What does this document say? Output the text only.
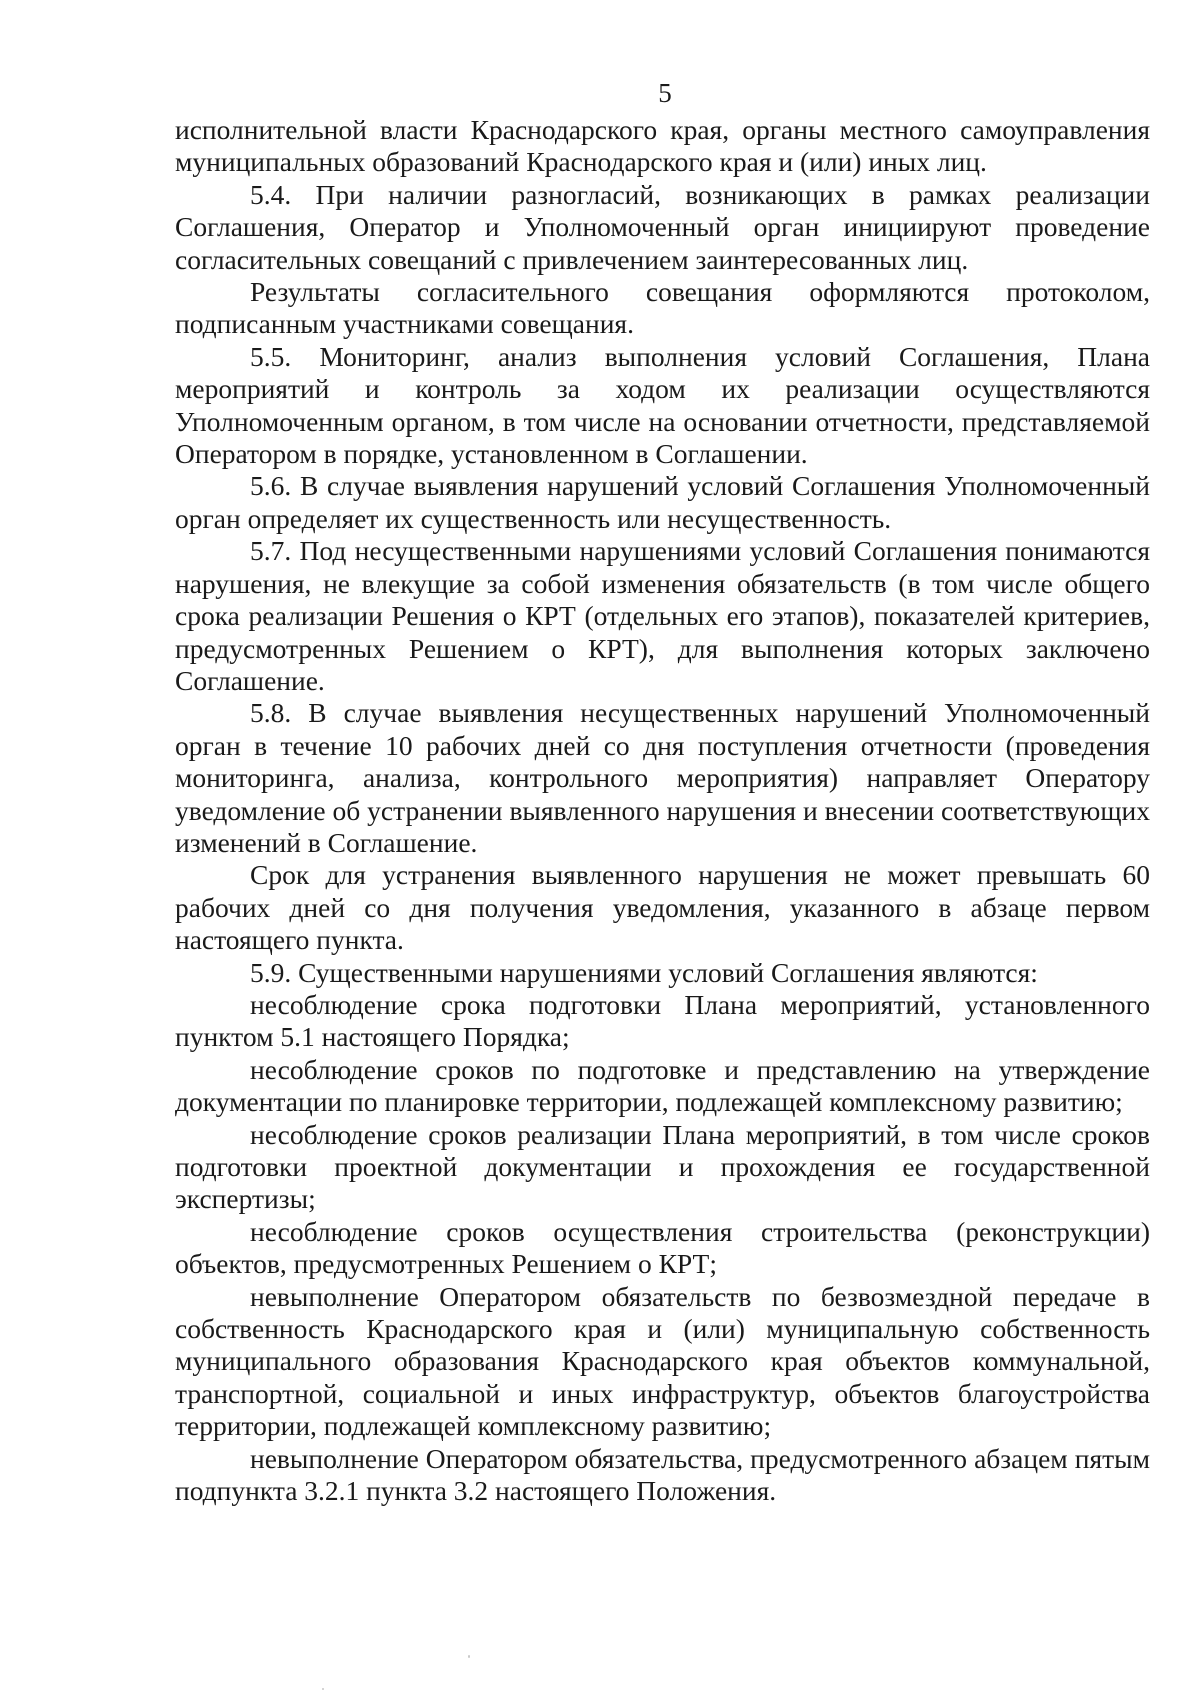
5

исполнительной власти Краснодарского края, органы местного самоуправления муниципальных образований Краснодарского края и (или) иных лиц.

5.4. При наличии разногласий, возникающих в рамках реализации Соглашения, Оператор и Уполномоченный орган инициируют проведение согласительных совещаний с привлечением заинтересованных лиц.

Результаты согласительного совещания оформляются протоколом, подписанным участниками совещания.

5.5. Мониторинг, анализ выполнения условий Соглашения, Плана мероприятий и контроль за ходом их реализации осуществляются Уполномоченным органом, в том числе на основании отчетности, представляемой Оператором в порядке, установленном в Соглашении.

5.6. В случае выявления нарушений условий Соглашения Уполномоченный орган определяет их существенность или несущественность.

5.7. Под несущественными нарушениями условий Соглашения понимаются нарушения, не влекущие за собой изменения обязательств (в том числе общего срока реализации Решения о КРТ (отдельных его этапов), показателей критериев, предусмотренных Решением о КРТ), для выполнения которых заключено Соглашение.

5.8. В случае выявления несущественных нарушений Уполномоченный орган в течение 10 рабочих дней со дня поступления отчетности (проведения мониторинга, анализа, контрольного мероприятия) направляет Оператору уведомление об устранении выявленного нарушения и внесении соответствующих изменений в Соглашение.

Срок для устранения выявленного нарушения не может превышать 60 рабочих дней со дня получения уведомления, указанного в абзаце первом настоящего пункта.

5.9. Существенными нарушениями условий Соглашения являются:

несоблюдение срока подготовки Плана мероприятий, установленного пунктом 5.1 настоящего Порядка;

несоблюдение сроков по подготовке и представлению на утверждение документации по планировке территории, подлежащей комплексному развитию;

несоблюдение сроков реализации Плана мероприятий, в том числе сроков подготовки проектной документации и прохождения ее государственной экспертизы;

несоблюдение сроков осуществления строительства (реконструкции) объектов, предусмотренных Решением о КРТ;

невыполнение Оператором обязательств по безвозмездной передаче в собственность Краснодарского края и (или) муниципальную собственность муниципального образования Краснодарского края объектов коммунальной, транспортной, социальной и иных инфраструктур, объектов благоустройства территории, подлежащей комплексному развитию;

невыполнение Оператором обязательства, предусмотренного абзацем пятым подпункта 3.2.1 пункта 3.2 настоящего Положения.
